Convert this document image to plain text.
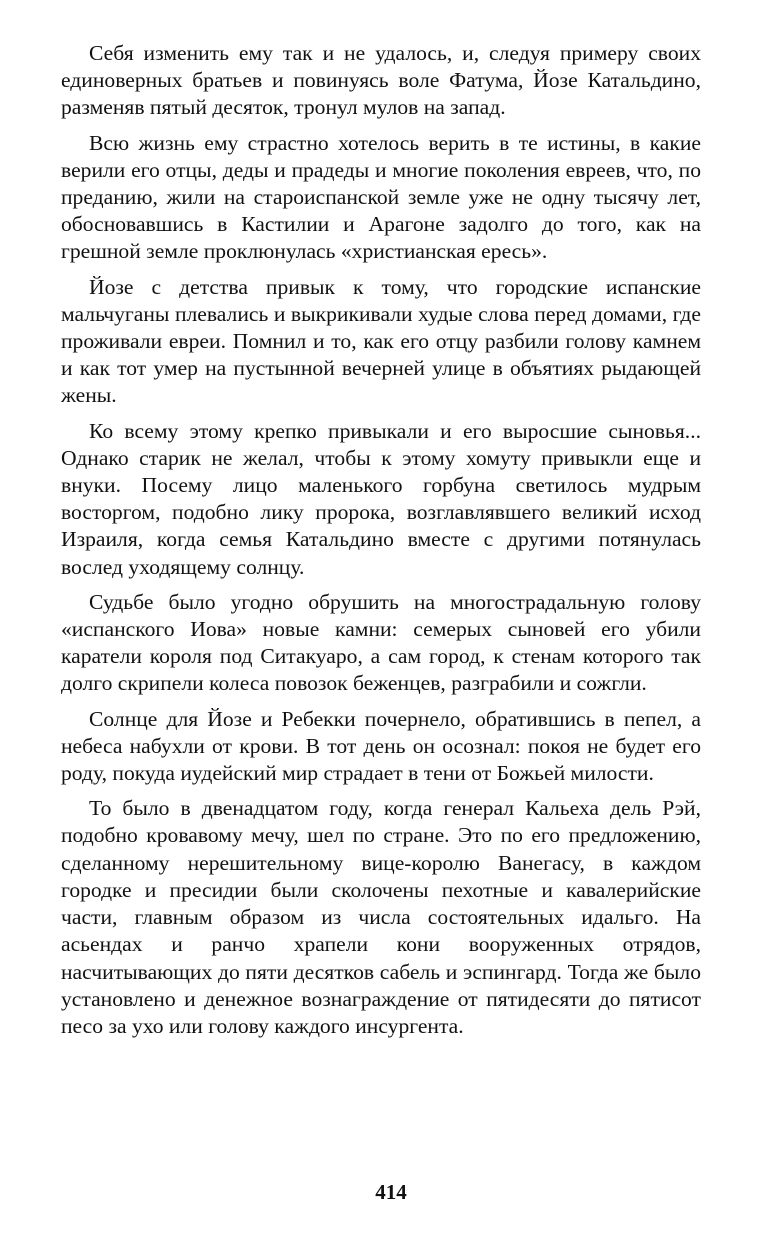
Себя изменить ему так и не удалось, и, следуя примеру своих единоверных братьев и повинуясь воле Фатума, Йозе Катальдино, разменяв пятый десяток, тронул мулов на запад.

Всю жизнь ему страстно хотелось верить в те истины, в какие верили его отцы, деды и прадеды и многие поколения евреев, что, по преданию, жили на староиспанской земле уже не одну тысячу лет, обосновавшись в Кастилии и Арагоне задолго до того, как на грешной земле проклюнулась «христианская ересь».

Йозе с детства привык к тому, что городские испанские мальчуганы плевались и выкрикивали худые слова перед домами, где проживали евреи. Помнил и то, как его отцу разбили голову камнем и как тот умер на пустынной вечерней улице в объятиях рыдающей жены.

Ко всему этому крепко привыкали и его выросшие сыновья... Однако старик не желал, чтобы к этому хомуту привыкли еще и внуки. Посему лицо маленького горбуна светилось мудрым восторгом, подобно лику пророка, возглавлявшего великий исход Израиля, когда семья Катальдино вместе с другими потянулась вослед уходящему солнцу.

Судьбе было угодно обрушить на многострадальную голову «испанского Иова» новые камни: семерых сыновей его убили каратели короля под Ситакуаро, а сам город, к стенам которого так долго скрипели колеса повозок беженцев, разграбили и сожгли.

Солнце для Йозе и Ребекки почернело, обратившись в пепел, а небеса набухли от крови. В тот день он осознал: покоя не будет его роду, покуда иудейский мир страдает в тени от Божьей милости.

То было в двенадцатом году, когда генерал Кальеха дель Рэй, подобно кровавому мечу, шел по стране. Это по его предложению, сделанному нерешительному вице-королю Ванегасу, в каждом городке и пресидии были сколочены пехотные и кавалерийские части, главным образом из числа состоятельных идальго. На асьендах и ранчо храпели кони вооруженных отрядов, насчитывающих до пяти десятков сабель и эспингард. Тогда же было установлено и денежное вознаграждение от пятидесяти до пятисот песо за ухо или голову каждого инсургента.

414
